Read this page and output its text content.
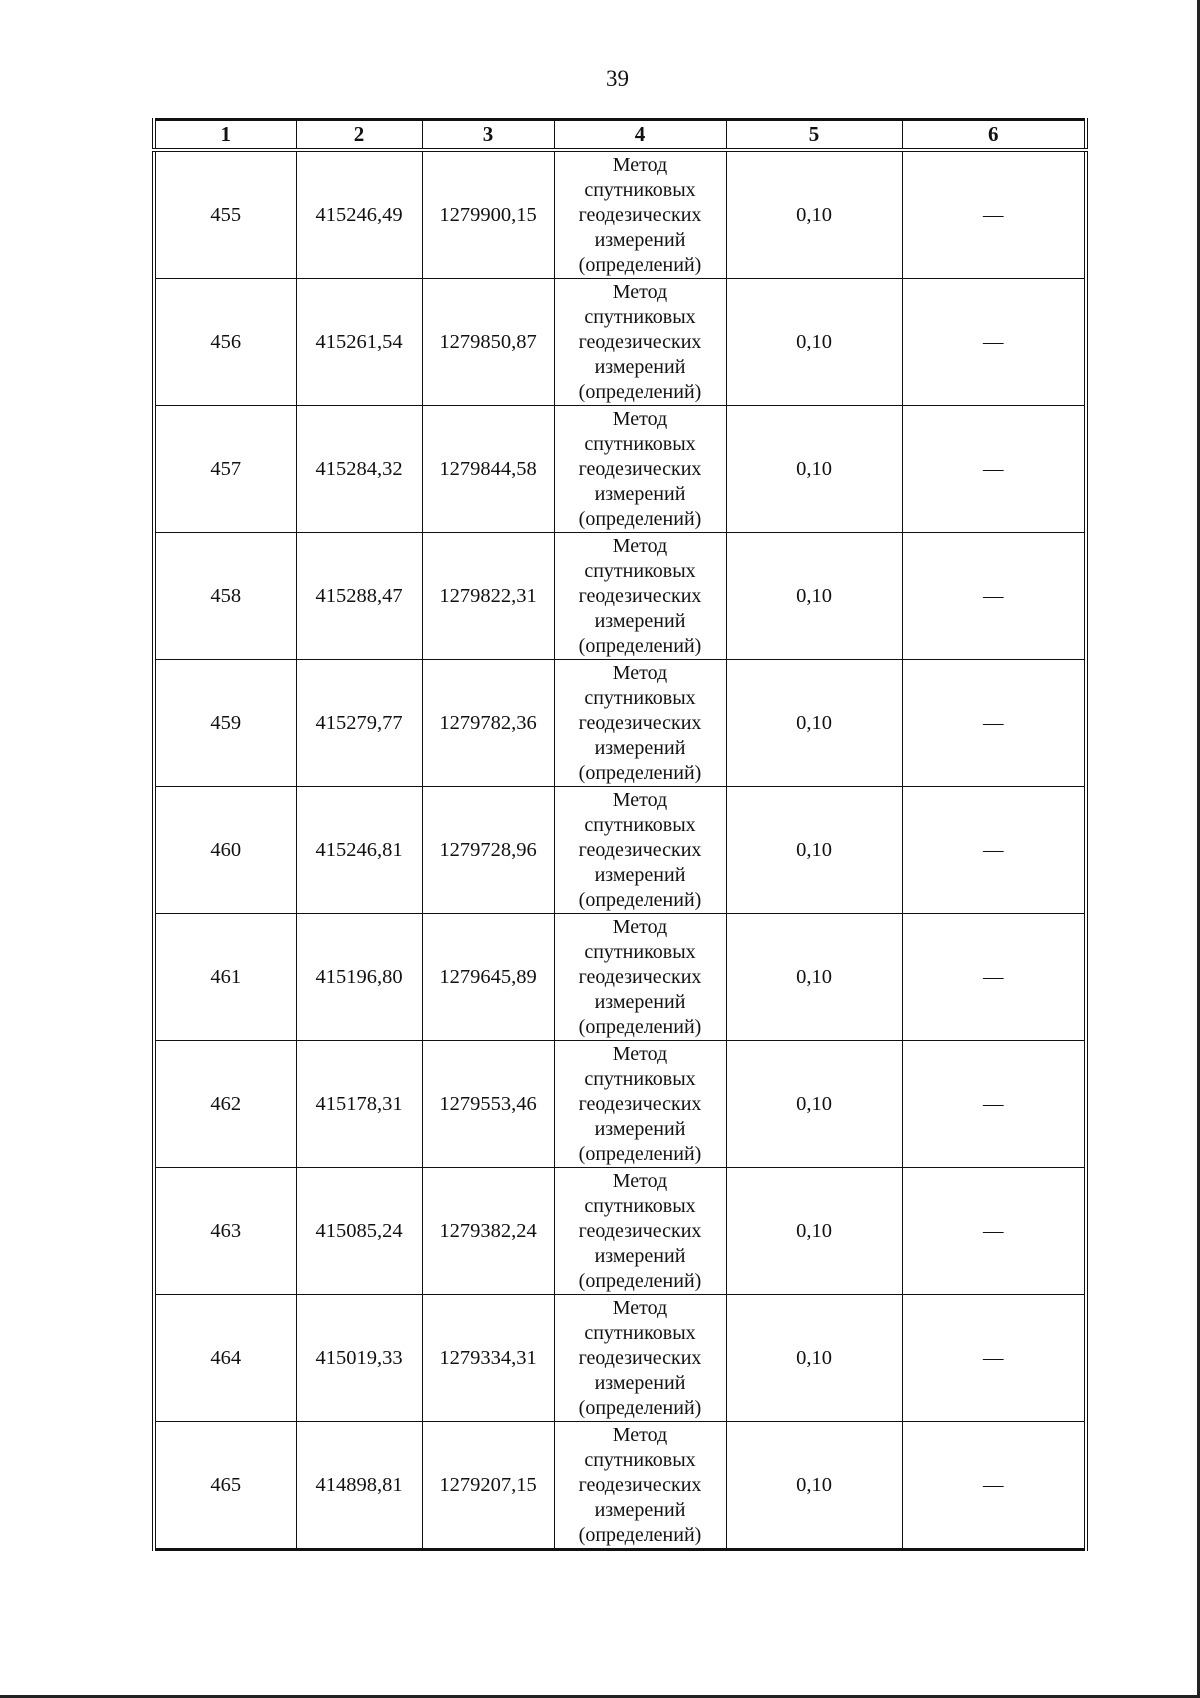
39
1	2	3	4	5	6
455	415246,49	1279900,15	Метод
спутниковых
геодезических
измерений
(определений)	0,10	—
456	415261,54	1279850,87	Метод
спутниковых
геодезических
измерений
(определений)	0,10	—
457	415284,32	1279844,58	Метод
спутниковых
геодезических
измерений
(определений)	0,10	—
458	415288,47	1279822,31	Метод
спутниковых
геодезических
измерений
(определений)	0,10	—
459	415279,77	1279782,36	Метод
спутниковых
геодезических
измерений
(определений)	0,10	—
460	415246,81	1279728,96	Метод
спутниковых
геодезических
измерений
(определений)	0,10	—
461	415196,80	1279645,89	Метод
спутниковых
геодезических
измерений
(определений)	0,10	—
462	415178,31	1279553,46	Метод
спутниковых
геодезических
измерений
(определений)	0,10	—
463	415085,24	1279382,24	Метод
спутниковых
геодезических
измерений
(определений)	0,10	—
464	415019,33	1279334,31	Метод
спутниковых
геодезических
измерений
(определений)	0,10	—
465	414898,81	1279207,15	Метод
спутниковых
геодезических
измерений
(определений)	0,10	—
